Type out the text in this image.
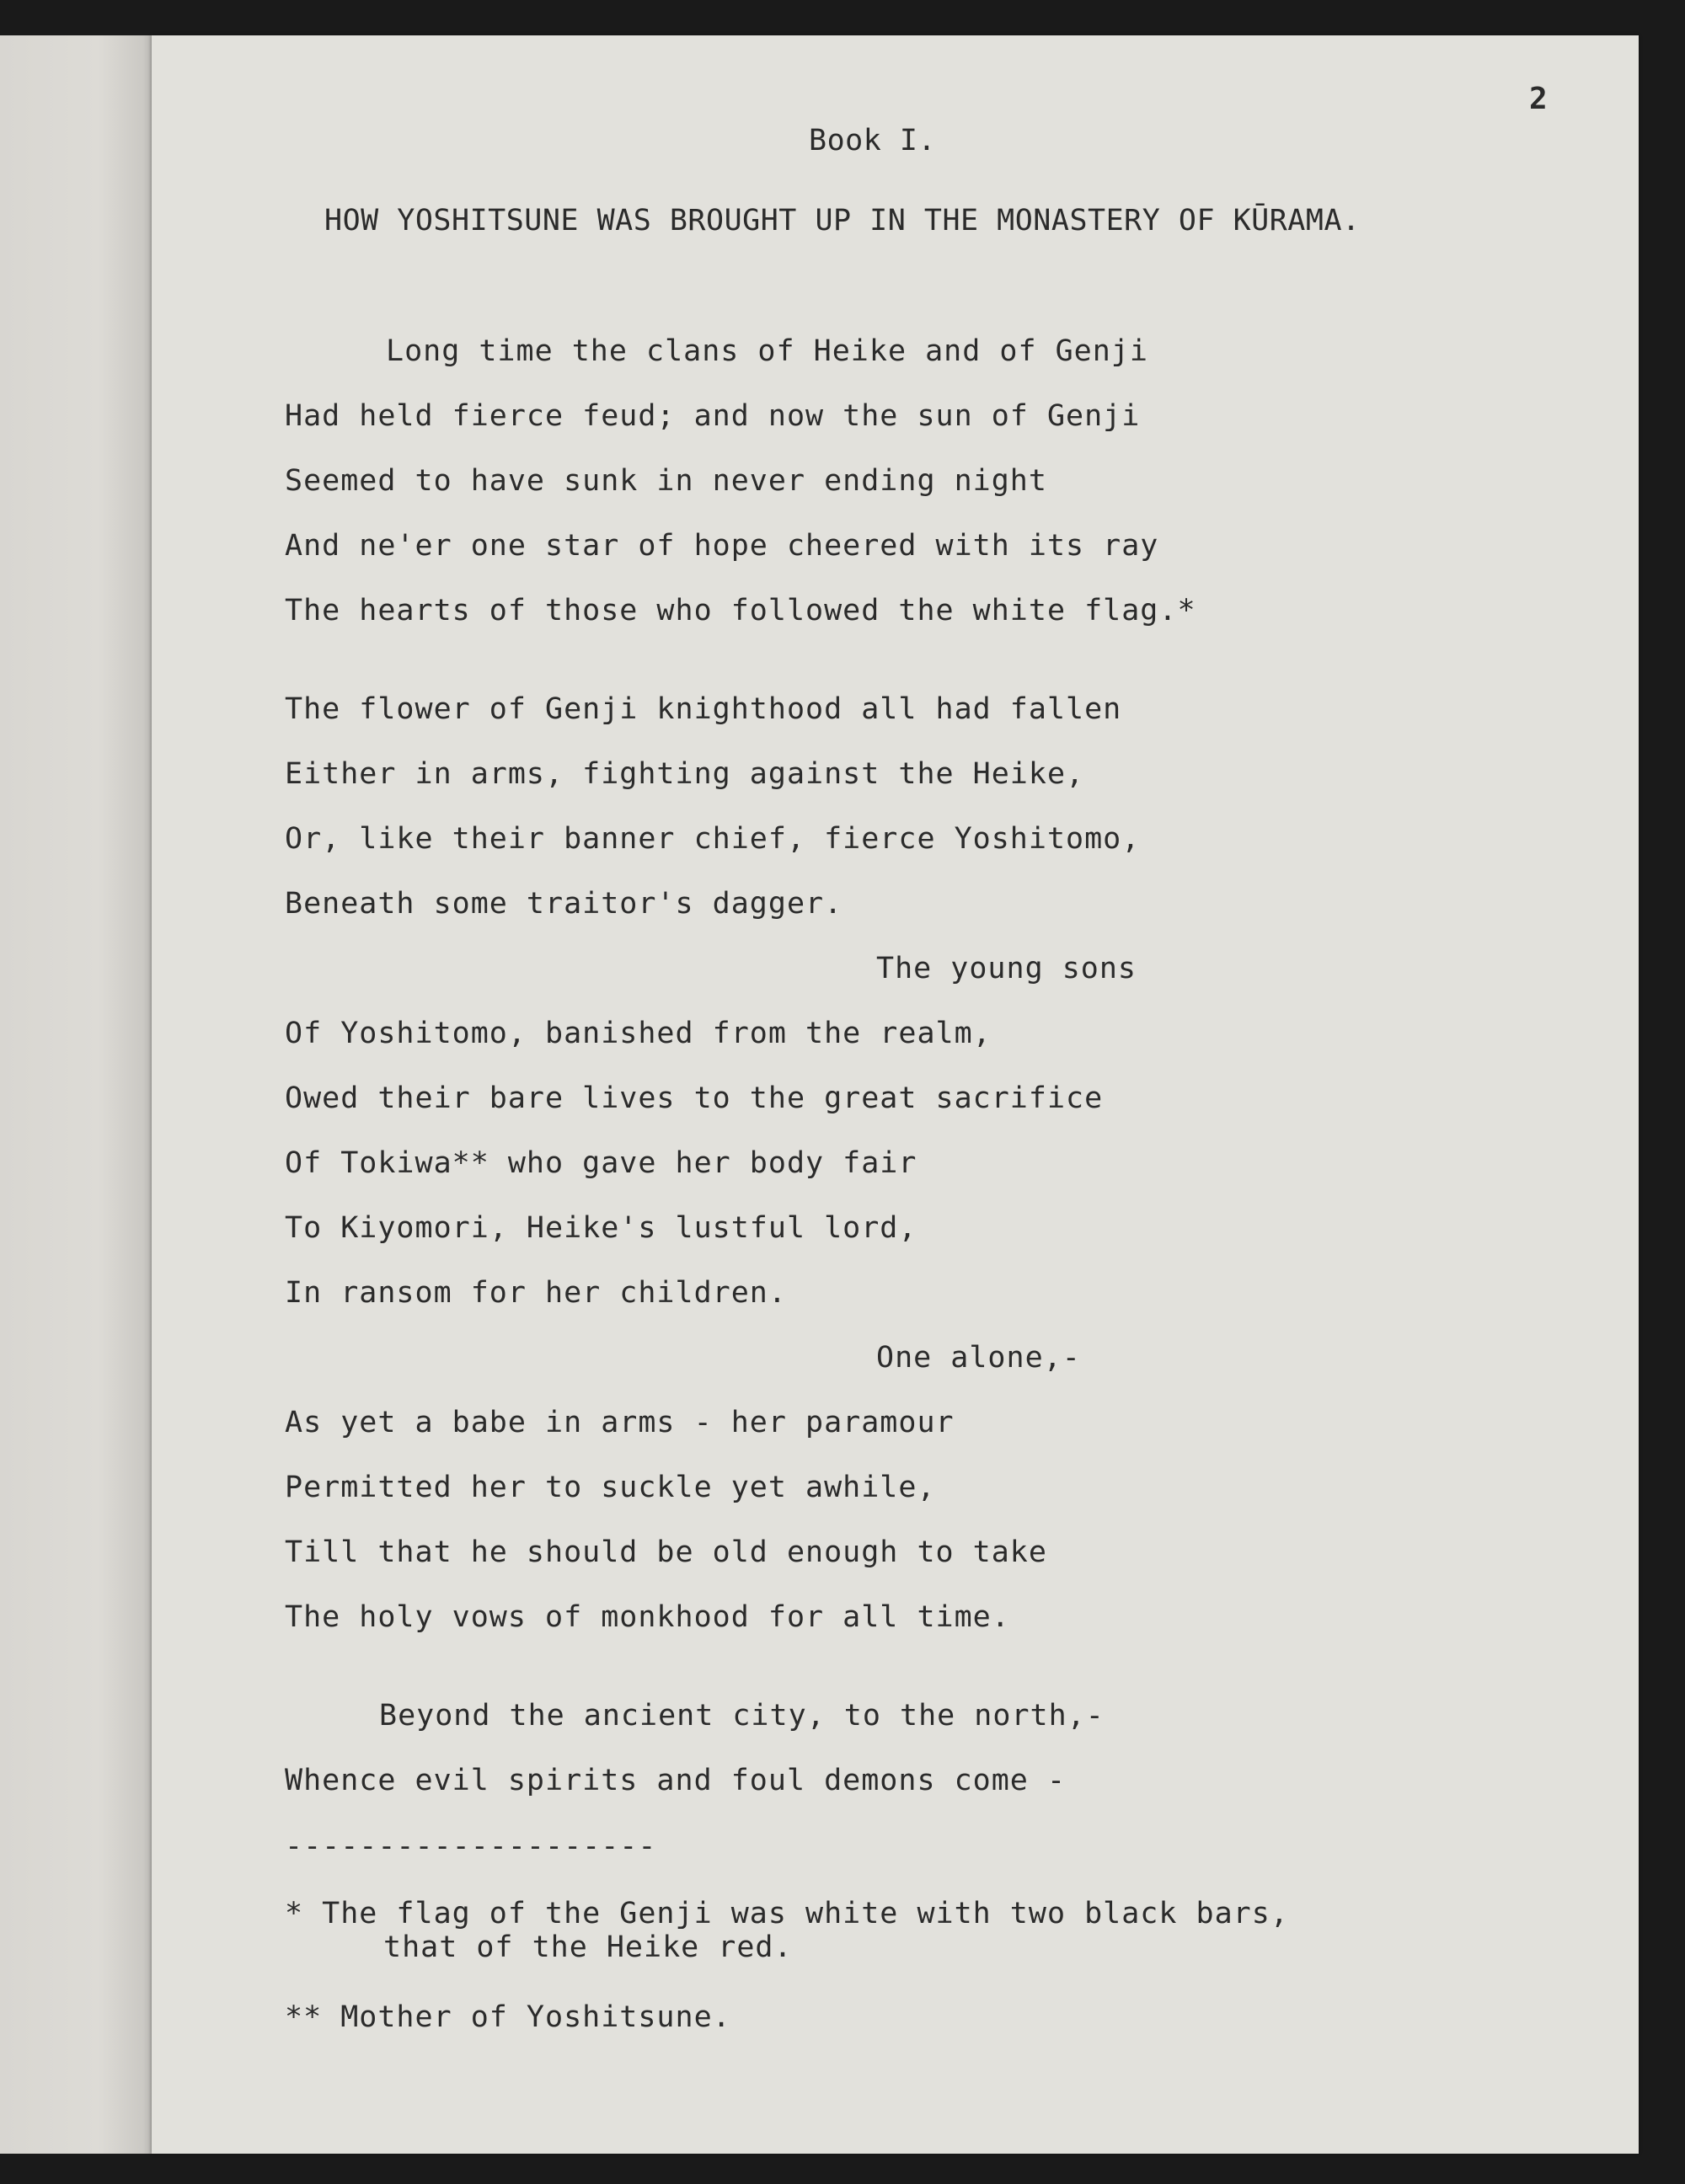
2
Book I.
HOW YOSHITSUNE WAS BROUGHT UP IN THE MONASTERY OF KŪRAMA.
Long time the clans of Heike and of Genji
Had held fierce feud; and now the sun of Genji
Seemed to have sunk in never ending night
And ne'er one star of hope cheered with its ray
The hearts of those who followed the white flag.*
The flower of Genji knighthood all had fallen
Either in arms, fighting against the Heike,
Or, like their banner chief, fierce Yoshitomo,
Beneath some traitor's dagger.
The young sons
Of Yoshitomo, banished from the realm,
Owed their bare lives to the great sacrifice
Of Tokiwa** who gave her body fair
To Kiyomori, Heike's lustful lord,
In ransom for her children.
One alone,-
As yet a babe in arms - her paramour
Permitted her to suckle yet awhile,
Till that he should be old enough to take
The holy vows of monkhood for all time.
Beyond the ancient city, to the north,-
Whence evil spirits and foul demons come -
--------------------
* The flag of the Genji was white with two black bars,
that of the Heike red.
** Mother of Yoshitsune.
